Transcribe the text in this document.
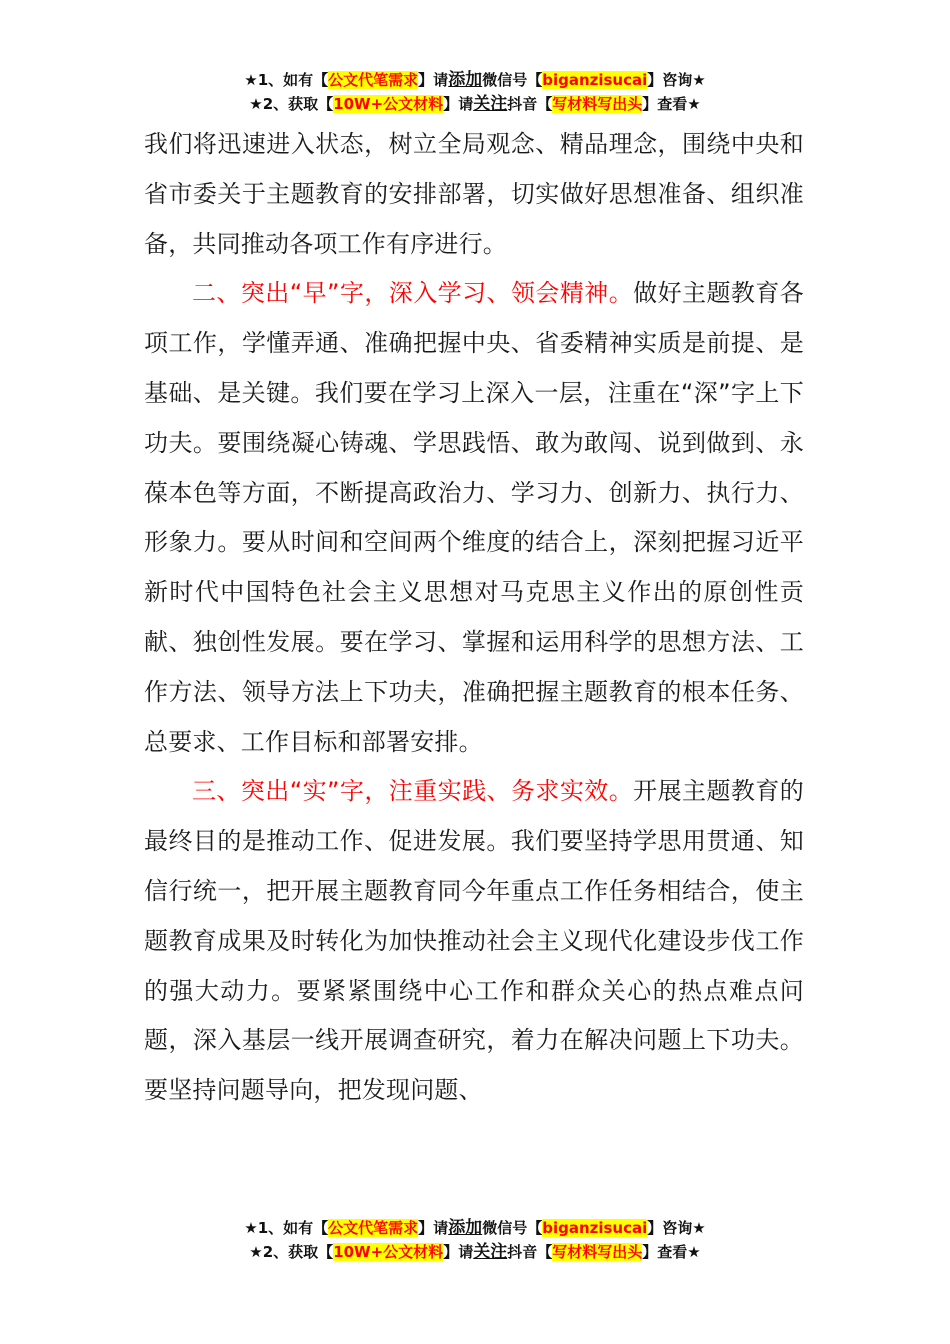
★1、如有【公文代笔需求】请添加微信号【biganzisucai】咨询★
★2、获取【10W+公文材料】请关注抖音【写材料写出头】查看★

我们将迅速进入状态，树立全局观念、精品理念，围绕中央和省市委关于主题教育的安排部署，切实做好思想准备、组织准备，共同推动各项工作有序进行。

二、突出“早”字，深入学习、领会精神。做好主题教育各项工作，学懂弄通、准确把握中央、省委精神实质是前提、是基础、是关键。我们要在学习上深入一层，注重在“深”字上下功夫。要围绕凝心铸魂、学思践悟、敢为敢闯、说到做到、永葆本色等方面，不断提高政治力、学习力、创新力、执行力、形象力。要从时间和空间两个维度的结合上，深刻把握习近平新时代中国特色社会主义思想对马克思主义作出的原创性贡献、独创性发展。要在学习、掌握和运用科学的思想方法、工作方法、领导方法上下功夫，准确把握主题教育的根本任务、总要求、工作目标和部署安排。

三、突出“实”字，注重实践、务求实效。开展主题教育的最终目的是推动工作、促进发展。我们要坚持学思用贯通、知信行统一，把开展主题教育同今年重点工作任务相结合，使主题教育成果及时转化为加快推动社会主义现代化建设步伐工作的强大动力。要紧紧围绕中心工作和群众关心的热点难点问题，深入基层一线开展调查研究，着力在解决问题上下功夫。要坚持问题导向，把发现问题、

★1、如有【公文代笔需求】请添加微信号【biganzisucai】咨询★
★2、获取【10W+公文材料】请关注抖音【写材料写出头】查看★
